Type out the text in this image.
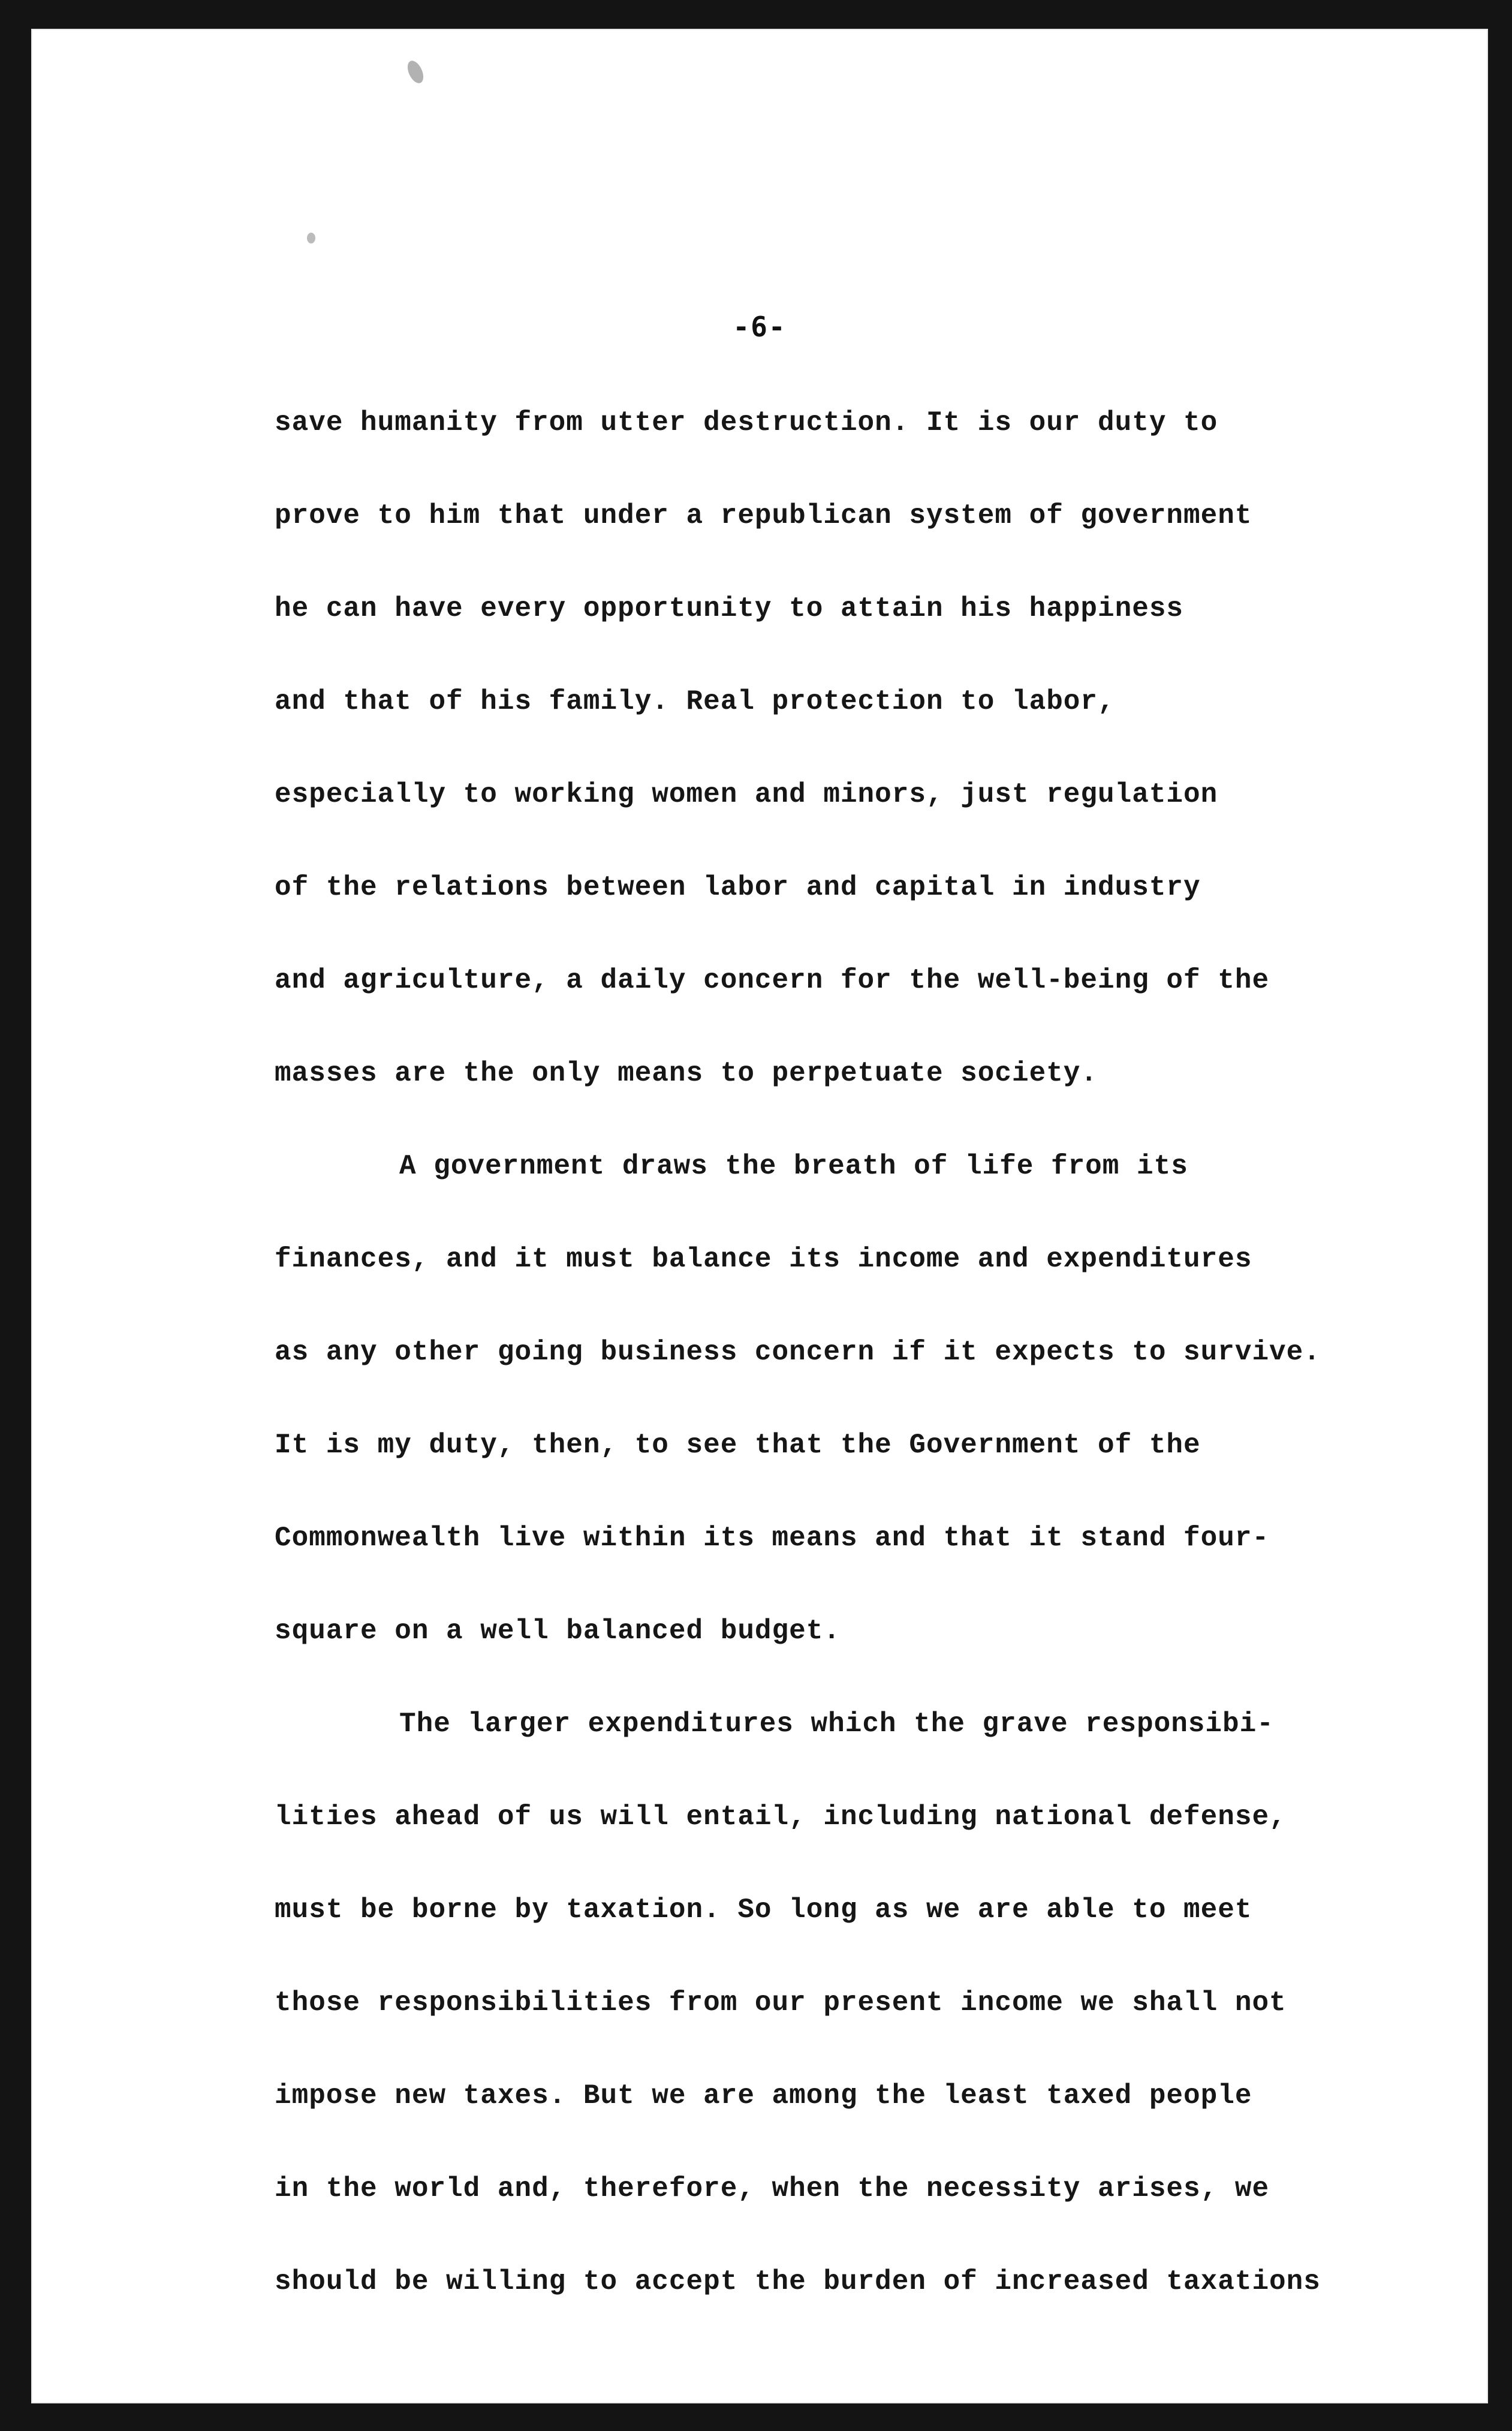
-6-
save humanity from utter destruction. It is our duty to
prove to him that under a republican system of government
he can have every opportunity to attain his happiness
and that of his family. Real protection to labor,
especially to working women and minors, just regulation
of the relations between labor and capital in industry
and agriculture, a daily concern for the well-being of the
masses are the only means to perpetuate society.
A government draws the breath of life from its
finances, and it must balance its income and expenditures
as any other going business concern if it expects to survive.
It is my duty, then, to see that the Government of the
Commonwealth live within its means and that it stand four-
square on a well balanced budget.
The larger expenditures which the grave responsibi-
lities ahead of us will entail, including national defense,
must be borne by taxation. So long as we are able to meet
those responsibilities from our present income we shall not
impose new taxes. But we are among the least taxed people
in the world and, therefore, when the necessity arises, we
should be willing to accept the burden of increased taxations
